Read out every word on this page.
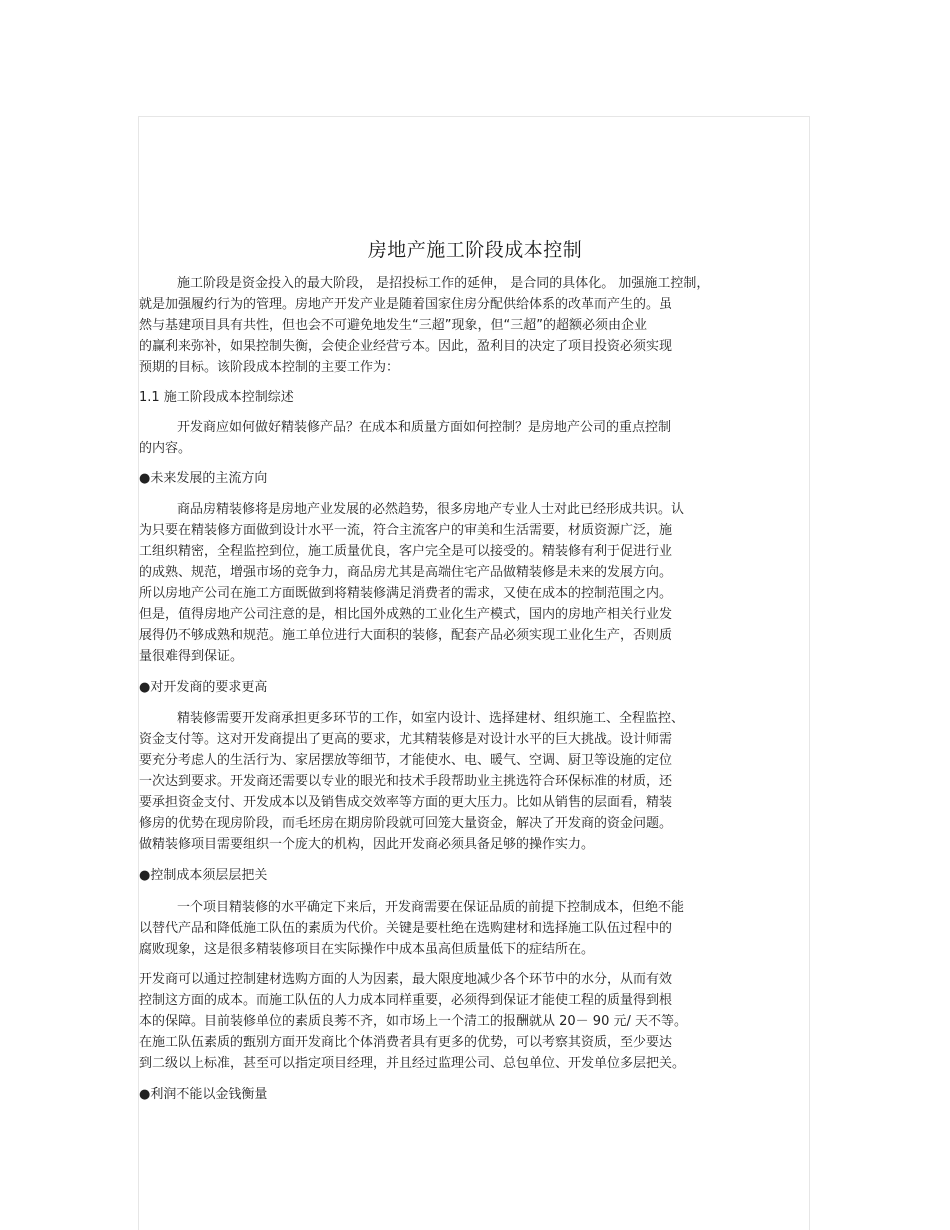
房地产施工阶段成本控制
施工阶段是资金投入的最大阶段， 是招投标工作的延伸， 是合同的具体化。 加强施工控制，
就是加强履约行为的管理。房地产开发产业是随着国家住房分配供给体系的改革而产生的。虽
然与基建项目具有共性，但也会不可避免地发生“三超”现象，但“三超”的超额必须由企业
的赢利来弥补，如果控制失衡，会使企业经营亏本。因此，盈利目的决定了项目投资必须实现
预期的目标。该阶段成本控制的主要工作为：
1.1 施工阶段成本控制综述
开发商应如何做好精装修产品？在成本和质量方面如何控制？是房地产公司的重点控制
的内容。
●未来发展的主流方向
商品房精装修将是房地产业发展的必然趋势，很多房地产专业人士对此已经形成共识。认
为只要在精装修方面做到设计水平一流，符合主流客户的审美和生活需要，材质资源广泛，施
工组织精密，全程监控到位，施工质量优良，客户完全是可以接受的。精装修有利于促进行业
的成熟、规范，增强市场的竞争力，商品房尤其是高端住宅产品做精装修是未来的发展方向。
所以房地产公司在施工方面既做到将精装修满足消费者的需求，又使在成本的控制范围之内。
但是，值得房地产公司注意的是，相比国外成熟的工业化生产模式，国内的房地产相关行业发
展得仍不够成熟和规范。施工单位进行大面积的装修，配套产品必须实现工业化生产，否则质
量很难得到保证。
●对开发商的要求更高
精装修需要开发商承担更多环节的工作，如室内设计、选择建材、组织施工、全程监控、
资金支付等。这对开发商提出了更高的要求，尤其精装修是对设计水平的巨大挑战。设计师需
要充分考虑人的生活行为、家居摆放等细节，才能使水、电、暖气、空调、厨卫等设施的定位
一次达到要求。开发商还需要以专业的眼光和技术手段帮助业主挑选符合环保标准的材质，还
要承担资金支付、开发成本以及销售成交效率等方面的更大压力。比如从销售的层面看，精装
修房的优势在现房阶段，而毛坯房在期房阶段就可回笼大量资金，解决了开发商的资金问题。
做精装修项目需要组织一个庞大的机构，因此开发商必须具备足够的操作实力。
●控制成本须层层把关
一个项目精装修的水平确定下来后，开发商需要在保证品质的前提下控制成本，但绝不能
以替代产品和降低施工队伍的素质为代价。关键是要杜绝在选购建材和选择施工队伍过程中的
腐败现象，这是很多精装修项目在实际操作中成本虽高但质量低下的症结所在。
开发商可以通过控制建材选购方面的人为因素，最大限度地减少各个环节中的水分，从而有效
控制这方面的成本。而施工队伍的人力成本同样重要，必须得到保证才能使工程的质量得到根
本的保障。目前装修单位的素质良莠不齐，如市场上一个清工的报酬就从 20－ 90 元/ 天不等。
在施工队伍素质的甄别方面开发商比个体消费者具有更多的优势，可以考察其资质，至少要达
到二级以上标准，甚至可以指定项目经理，并且经过监理公司、总包单位、开发单位多层把关。
●利润不能以金钱衡量
